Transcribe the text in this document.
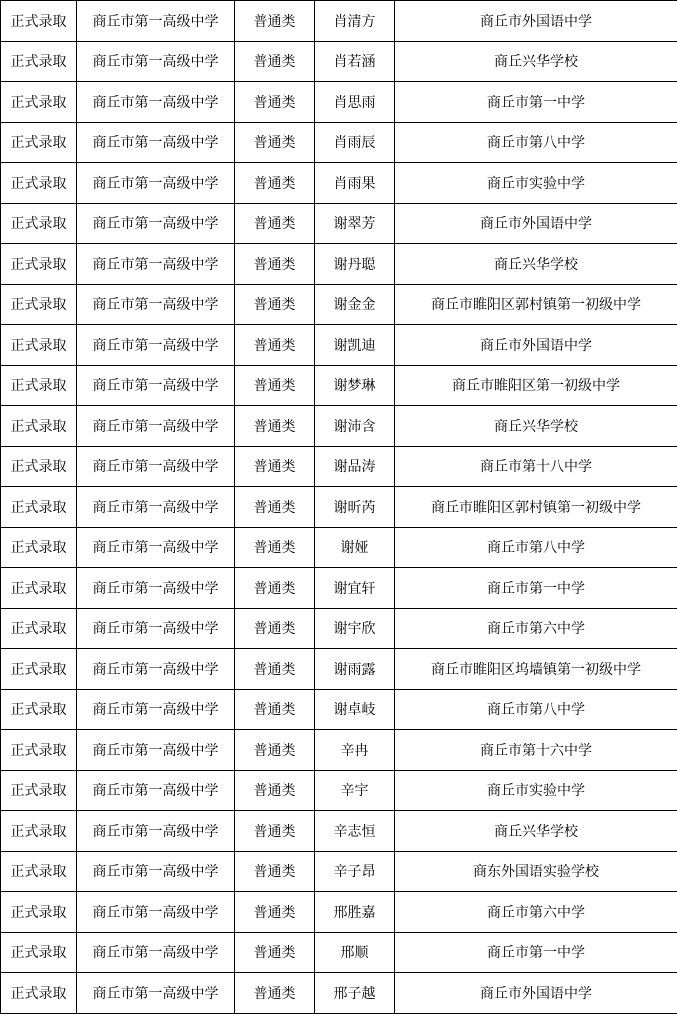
正式录取	商丘市第一高级中学	普通类	肖清方	商丘市外国语中学
正式录取	商丘市第一高级中学	普通类	肖若涵	商丘兴华学校
正式录取	商丘市第一高级中学	普通类	肖思雨	商丘市第一中学
正式录取	商丘市第一高级中学	普通类	肖雨辰	商丘市第八中学
正式录取	商丘市第一高级中学	普通类	肖雨果	商丘市实验中学
正式录取	商丘市第一高级中学	普通类	谢翠芳	商丘市外国语中学
正式录取	商丘市第一高级中学	普通类	谢丹聪	商丘兴华学校
正式录取	商丘市第一高级中学	普通类	谢金金	商丘市睢阳区郭村镇第一初级中学
正式录取	商丘市第一高级中学	普通类	谢凯迪	商丘市外国语中学
正式录取	商丘市第一高级中学	普通类	谢梦琳	商丘市睢阳区第一初级中学
正式录取	商丘市第一高级中学	普通类	谢沛含	商丘兴华学校
正式录取	商丘市第一高级中学	普通类	谢品涛	商丘市第十八中学
正式录取	商丘市第一高级中学	普通类	谢昕芮	商丘市睢阳区郭村镇第一初级中学
正式录取	商丘市第一高级中学	普通类	谢娅	商丘市第八中学
正式录取	商丘市第一高级中学	普通类	谢宜轩	商丘市第一中学
正式录取	商丘市第一高级中学	普通类	谢宇欣	商丘市第六中学
正式录取	商丘市第一高级中学	普通类	谢雨露	商丘市睢阳区坞墙镇第一初级中学
正式录取	商丘市第一高级中学	普通类	谢卓岐	商丘市第八中学
正式录取	商丘市第一高级中学	普通类	辛冉	商丘市第十六中学
正式录取	商丘市第一高级中学	普通类	辛宇	商丘市实验中学
正式录取	商丘市第一高级中学	普通类	辛志恒	商丘兴华学校
正式录取	商丘市第一高级中学	普通类	辛子昂	商东外国语实验学校
正式录取	商丘市第一高级中学	普通类	邢胜嘉	商丘市第六中学
正式录取	商丘市第一高级中学	普通类	邢顺	商丘市第一中学
正式录取	商丘市第一高级中学	普通类	邢子越	商丘市外国语中学
